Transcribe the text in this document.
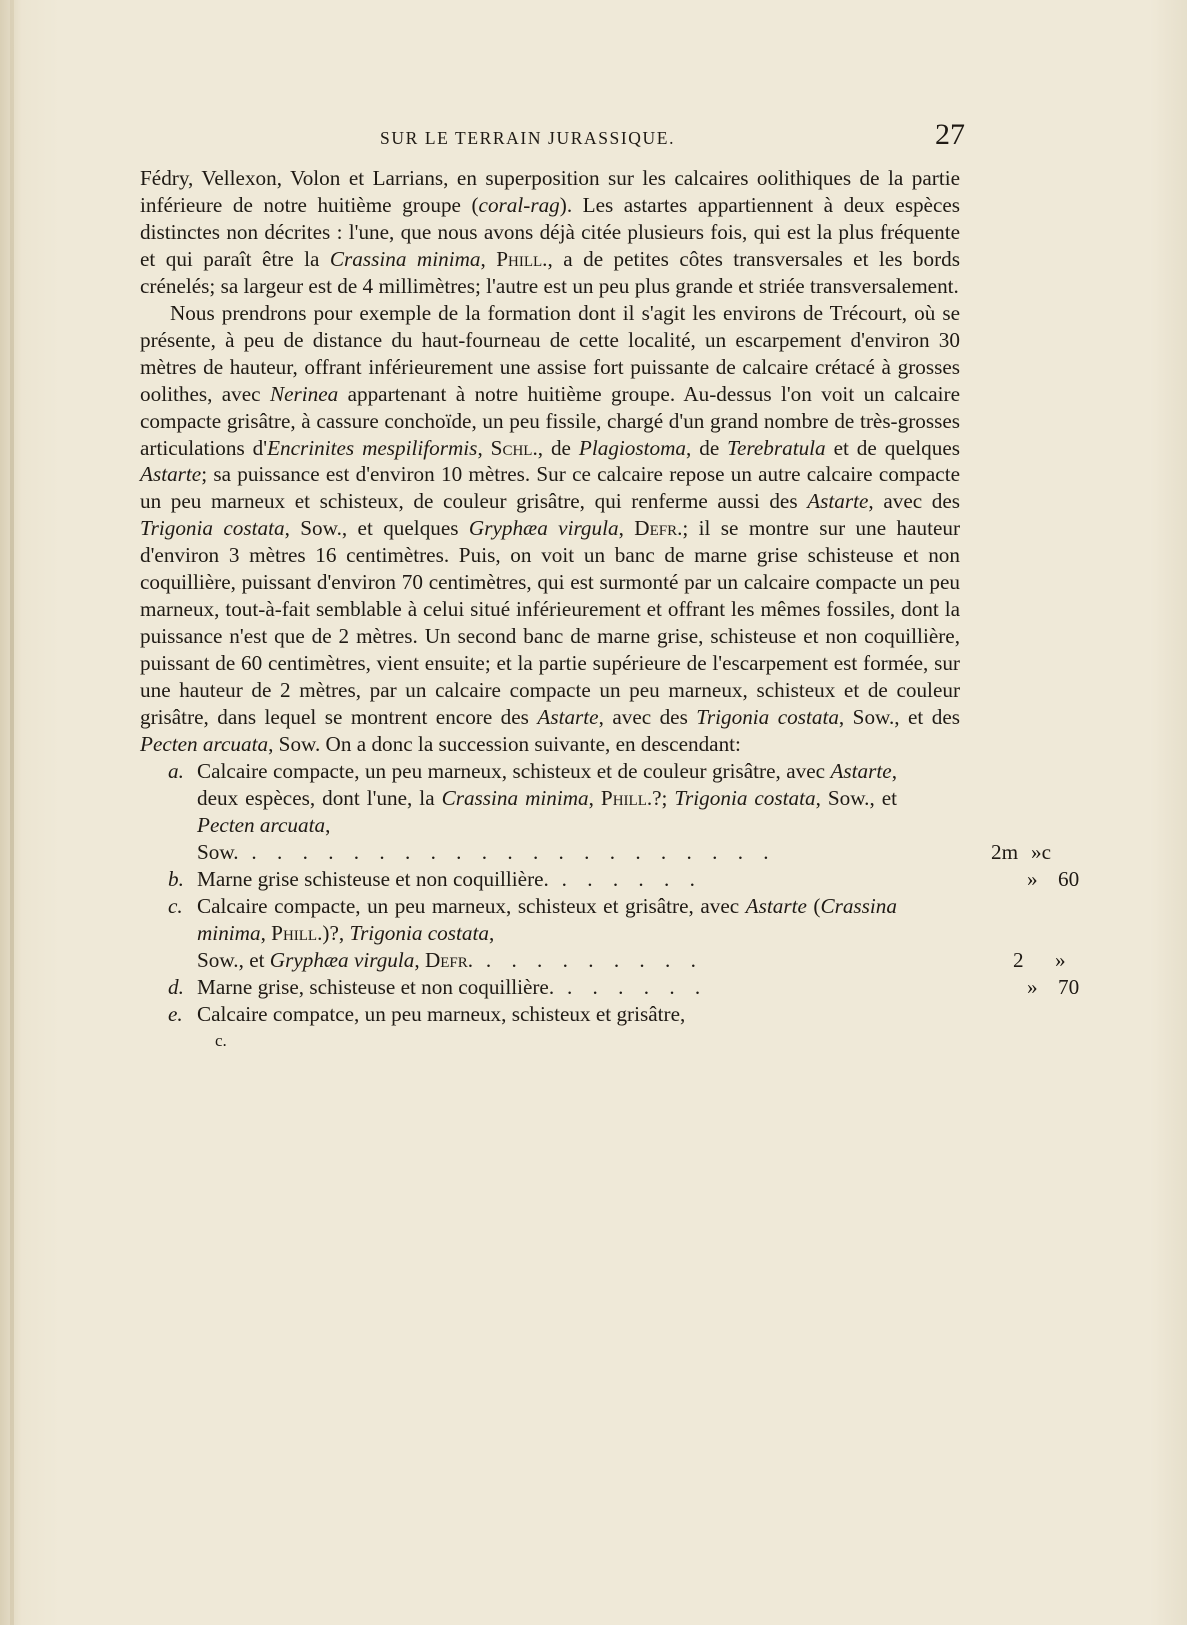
SUR LE TERRAIN JURASSIQUE.	27

Fédry, Vellexon, Volon et Larrians, en superposition sur les calcaires oolithiques de la partie inférieure de notre huitième groupe (coral-rag). Les astartes appartiennent à deux espèces distinctes non décrites : l'une, que nous avons déjà citée plusieurs fois, qui est la plus fréquente et qui paraît être la Crassina minima, Phill., a de petites côtes transversales et les bords crénelés; sa largeur est de 4 millimètres; l'autre est un peu plus grande et striée transversalement.

Nous prendrons pour exemple de la formation dont il s'agit les environs de Trécourt, où se présente, à peu de distance du haut-fourneau de cette localité, un escarpement d'environ 30 mètres de hauteur, offrant inférieurement une assise fort puissante de calcaire crétacé à grosses oolithes, avec Nerinea appartenant à notre huitième groupe. Au-dessus l'on voit un calcaire compacte grisâtre, à cassure conchoïde, un peu fissile, chargé d'un grand nombre de très-grosses articulations d'Encrinites mespiliformis, Schl., de Plagiostoma, de Terebratula et de quelques Astarte; sa puissance est d'environ 10 mètres. Sur ce calcaire repose un autre calcaire compacte un peu marneux et schisteux, de couleur grisâtre, qui renferme aussi des Astarte, avec des Trigonia costata, Sow., et quelques Gryphæa virgula, Defr.; il se montre sur une hauteur d'environ 3 mètres 16 centimètres. Puis, on voit un banc de marne grise schisteuse et non coquillière, puissant d'environ 70 centimètres, qui est surmonté par un calcaire compacte un peu marneux, tout-à-fait semblable à celui situé inférieurement et offrant les mêmes fossiles, dont la puissance n'est que de 2 mètres. Un second banc de marne grise, schisteuse et non coquillière, puissant de 60 centimètres, vient ensuite; et la partie supérieure de l'escarpement est formée, sur une hauteur de 2 mètres, par un calcaire compacte un peu marneux, schisteux et de couleur grisâtre, dans lequel se montrent encore des Astarte, avec des Trigonia costata, Sow., et des Pecten arcuata, Sow. On a donc la succession suivante, en descendant:

a. Calcaire compacte, un peu marneux, schisteux et de couleur grisâtre, avec Astarte, deux espèces, dont l'une, la Crassina minima, Phill.?; Trigonia costata, Sow., et Pecten arcuata,
Sow. . . . . . . . . . . . . . . . . . . . . .	2m »c
b. Marne grise schisteuse et non coquillière. . . . . . .	» 60
c. Calcaire compacte, un peu marneux, schisteux et grisâtre, avec Astarte (Crassina minima, Phill.)?, Trigonia costata,
Sow., et Gryphæa virgula, Defr. . . . . . . . . .	2 »
d. Marne grise, schisteuse et non coquillière. . . . . . .	» 70
e. Calcaire compatce, un peu marneux, schisteux et grisâtre,
c.
